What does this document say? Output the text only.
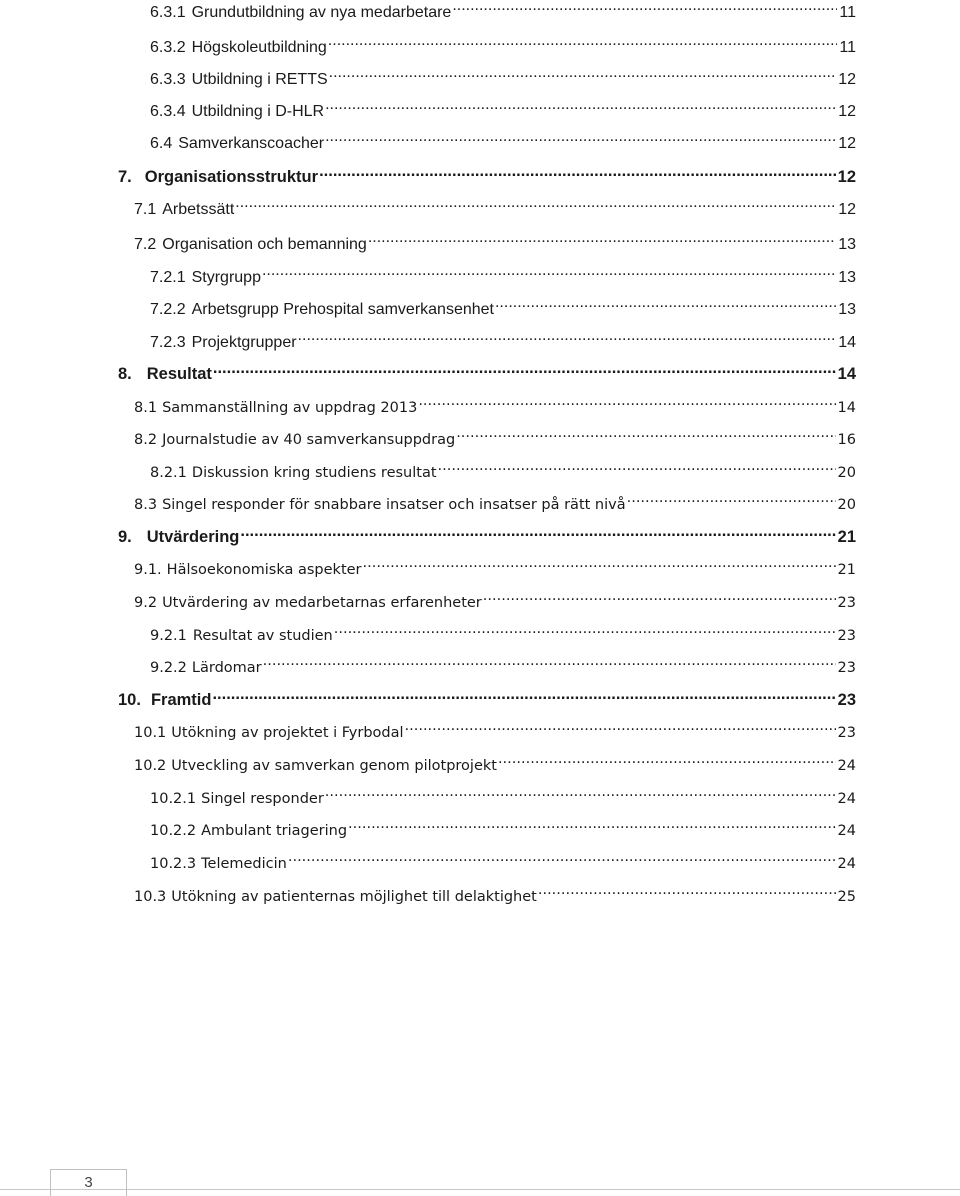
6.3.1 Grundutbildning av nya medarbetare .....	11
6.3.2 Högskoleutbildning .....	11
6.3.3 Utbildning i RETTS .....	12
6.3.4 Utbildning i D-HLR .....	12
6.4 Samverkanscoacher .....	12
7. Organisationsstruktur .....	12
7.1 Arbetssätt .....	12
7.2 Organisation och bemanning .....	13
7.2.1 Styrgrupp .....	13
7.2.2 Arbetsgrupp Prehospital samverkansenhet .....	13
7.2.3 Projektgrupper .....	14
8. Resultat .....	14
8.1 Sammanställning av uppdrag 2013 .....	14
8.2 Journalstudie av 40 samverkansuppdrag .....	16
8.2.1 Diskussion kring studiens resultat .....	20
8.3 Singel responder för snabbare insatser och insatser på rätt nivå .....	20
9. Utvärdering .....	21
9.1. Hälsoekonomiska aspekter .....	21
9.2 Utvärdering av medarbetarnas erfarenheter .....	23
9.2.1 Resultat av studien .....	23
9.2.2 Lärdomar .....	23
10. Framtid .....	23
10.1 Utökning av projektet i Fyrbodal .....	23
10.2 Utveckling av samverkan genom pilotprojekt .....	24
10.2.1 Singel responder .....	24
10.2.2 Ambulant triagering .....	24
10.2.3 Telemedicin .....	24
10.3 Utökning av patienternas möjlighet till delaktighet .....	25
3
